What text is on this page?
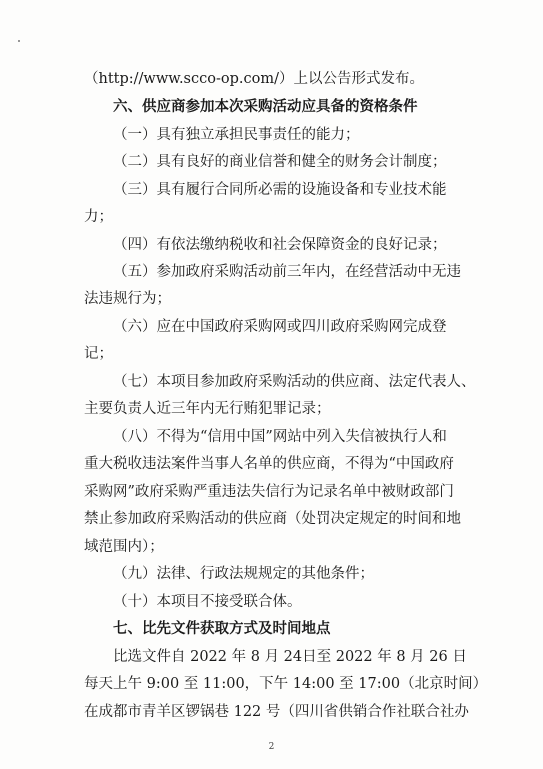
（http://www.scco-op.com/）上以公告形式发布。
六、供应商参加本次采购活动应具备的资格条件
（一）具有独立承担民事责任的能力；
（二）具有良好的商业信誉和健全的财务会计制度；
（三）具有履行合同所必需的设施设备和专业技术能
力；
（四）有依法缴纳税收和社会保障资金的良好记录；
（五）参加政府采购活动前三年内，在经营活动中无违
法违规行为；
（六）应在中国政府采购网或四川政府采购网完成登
记；
（七）本项目参加政府采购活动的供应商、法定代表人、
主要负责人近三年内无行贿犯罪记录；
（八）不得为“信用中国”网站中列入失信被执行人和
重大税收违法案件当事人名单的供应商，不得为“中国政府
采购网”政府采购严重违法失信行为记录名单中被财政部门
禁止参加政府采购活动的供应商（处罚决定规定的时间和地
域范围内）；
（九）法律、行政法规规定的其他条件；
（十）本项目不接受联合体。
七、比先文件获取方式及时间地点
比选文件自 2022 年 8 月 24日至 2022 年 8 月 26 日
每天上午 9:00 至 11:00，下午 14:00 至 17:00（北京时间）
在成都市青羊区锣锅巷 122 号（四川省供销合作社联合社办
2
